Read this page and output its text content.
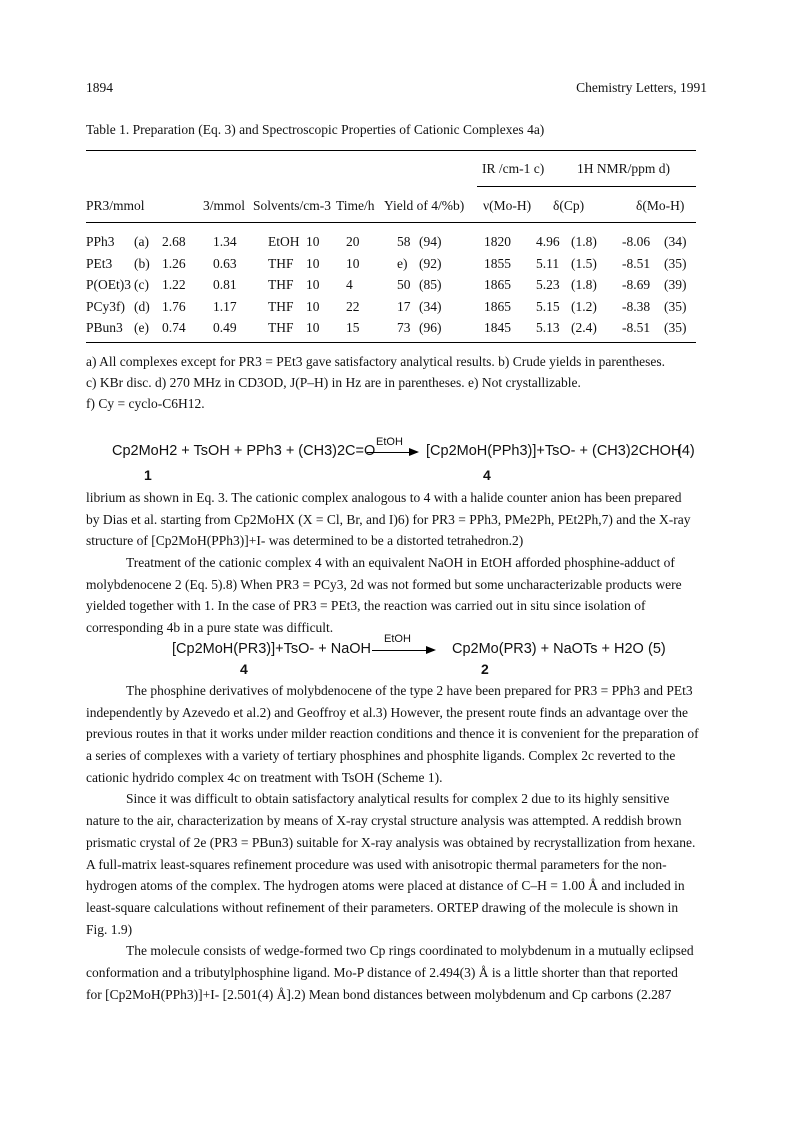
1894	Chemistry Letters, 1991
Table 1. Preparation (Eq. 3) and Spectroscopic Properties of Cationic Complexes 4a)
IR /cm-1 c) 1H NMR/ppm d)
PR3/mmol	3/mmol Solvents/cm-3 Time/h Yield of 4/%b) ν(Mo-H) δ(Cp)	δ(Mo-H)
PPh3 (a) 2.68 1.34 EtOH 10 20	58 (94)	1820 4.96 (1.8) -8.06 (34)
PEt3 (b) 1.26 0.63 THF 10 10	e) (92)	1855 5.11 (1.5) -8.51 (35)
P(OEt)3 (c) 1.22 0.81 THF 10 4	50 (85)	1865 5.23 (1.8) -8.69 (39)
PCy3f) (d) 1.76 1.17 THF 10 22	17 (34)	1865 5.15 (1.2) -8.38 (35)
PBun3 (e) 0.74 0.49 THF 10 15	73 (96)	1845 5.13 (2.4) -8.51 (35)
a) All complexes except for PR3 = PEt3 gave satisfactory analytical results. b) Crude yields in parentheses.
c) KBr disc. d) 270 MHz in CD3OD, J(P–H) in Hz are in parentheses. e) Not crystallizable.
f) Cy = cyclo-C6H12.
Cp2MoH2 + TsOH + PPh3 + (CH3)2C=O
EtOH
→ [Cp2MoH(PPh3)]+TsO- + (CH3)2CHOH
(4)
1	4
librium as shown in Eq. 3. The cationic complex analogous to 4 with a halide counter anion has been prepared
by Dias et al. starting from Cp2MoHX (X = Cl, Br, and I)6) for PR3 = PPh3, PMe2Ph, PEt2Ph,7) and the X-ray
structure of [Cp2MoH(PPh3)]+I- was determined to be a distorted tetrahedron.2)
Treatment of the cationic complex 4 with an equivalent NaOH in EtOH afforded phosphine-adduct of
molybdenocene 2 (Eq. 5).8) When PR3 = PCy3, 2d was not formed but some uncharacterizable products were
yielded together with 1. In the case of PR3 = PEt3, the reaction was carried out in situ since isolation of
corresponding 4b in a pure state was difficult.
[Cp2MoH(PR3)]+TsO- + NaOH
EtOH
→ Cp2Mo(PR3) + NaOTs + H2O (5)
4	2
The phosphine derivatives of molybdenocene of the type 2 have been prepared for PR3 = PPh3 and PEt3
independently by Azevedo et al.2) and Geoffroy et al.3) However, the present route finds an advantage over the
previous routes in that it works under milder reaction conditions and thence it is convenient for the preparation of
a series of complexes with a variety of tertiary phosphines and phosphite ligands. Complex 2c reverted to the
cationic hydrido complex 4c on treatment with TsOH (Scheme 1).
Since it was difficult to obtain satisfactory analytical results for complex 2 due to its highly sensitive
nature to the air, characterization by means of X-ray crystal structure analysis was attempted. A reddish brown
prismatic crystal of 2e (PR3 = PBun3) suitable for X-ray analysis was obtained by recrystallization from hexane.
A full-matrix least-squares refinement procedure was used with anisotropic thermal parameters for the non-
hydrogen atoms of the complex. The hydrogen atoms were placed at distance of C–H = 1.00 Å and included in
least-square calculations without refinement of their parameters. ORTEP drawing of the molecule is shown in
Fig. 1.9)
The molecule consists of wedge-formed two Cp rings coordinated to molybdenum in a mutually eclipsed
conformation and a tributylphosphine ligand. Mo-P distance of 2.494(3) Å is a little shorter than that reported
for [Cp2MoH(PPh3)]+I- [2.501(4) Å].2) Mean bond distances between molybdenum and Cp carbons (2.287
